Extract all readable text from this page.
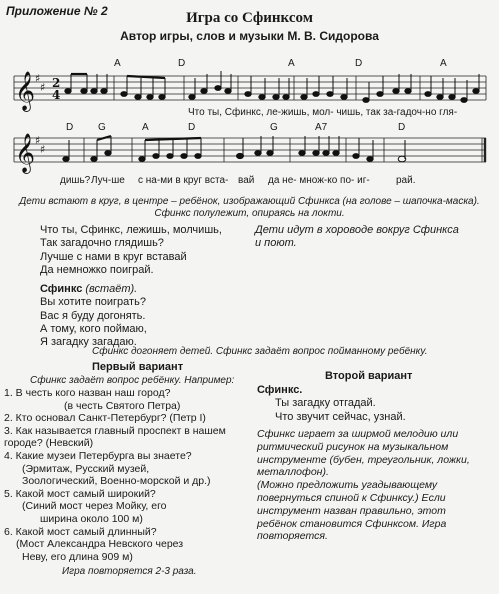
Приложение № 2	Игра со Сфинксом
Автор игры, слов и музыки М. В. Сидорова
𝄞 ♯
♯ 2
4
A	D	A	D	A
Что ты, Сфинкс, ле-жишь, мол- чишь, так за-гадоч-но гля-
𝄞 ♯
♯
D G	A	D	G	A7	D
дишь? Луч-ше с на-ми в круг вста- вай да не- множ-ко по- иг-	рай.
Дети встают в круг, в центре – ребёнок, изображающий Сфинкса (на голове – шапочка-маска).
Сфинкс полулежит, опираясь на локти.
Что ты, Сфинкс, лежишь, молчишь,
Так загадочно глядишь?
Лучше с нами в круг вставай
Да немножко поиграй.
Дети идут в хороводе вокруг Сфинкса
и поют.
Сфинкс (встаёт).
Вы хотите поиграть?
Вас я буду догонять.
А тому, кого поймаю,
Я загадку загадаю.
Сфинкс догоняет детей. Сфинкс задаёт вопрос пойманному ребёнку.
Первый вариант
Сфинкс задаёт вопрос ребёнку. Например:
1. В честь кого назван наш город?
(в честь Святого Петра)
2. Кто основал Санкт-Петербург? (Петр I)
3. Как называется главный проспект в нашем
городе? (Невский)
4. Какие музеи Петербурга вы знаете?
(Эрмитаж, Русский музей,
Зоологический, Военно-морской и др.)
5. Какой мост самый широкий?
(Синий мост через Мойку, его
ширина около 100 м)
6. Какой мост самый длинный?
(Мост Александра Невского через
Неву, его длина 909 м)
Игра повторяется 2-3 раза.
Второй вариант
Сфинкс.
Ты загадку отгадай.
Что звучит сейчас, узнай.
Сфинкс играет за ширмой мелодию или
ритмический рисунок на музыкальном
инструменте (бубен, треугольник, ложки,
металлофон).
(Можно предложить угадывающему
повернуться спиной к Сфинксу.) Если
инструмент назван правильно, этот
ребёнок становится Сфинксом. Игра
повторяется.
